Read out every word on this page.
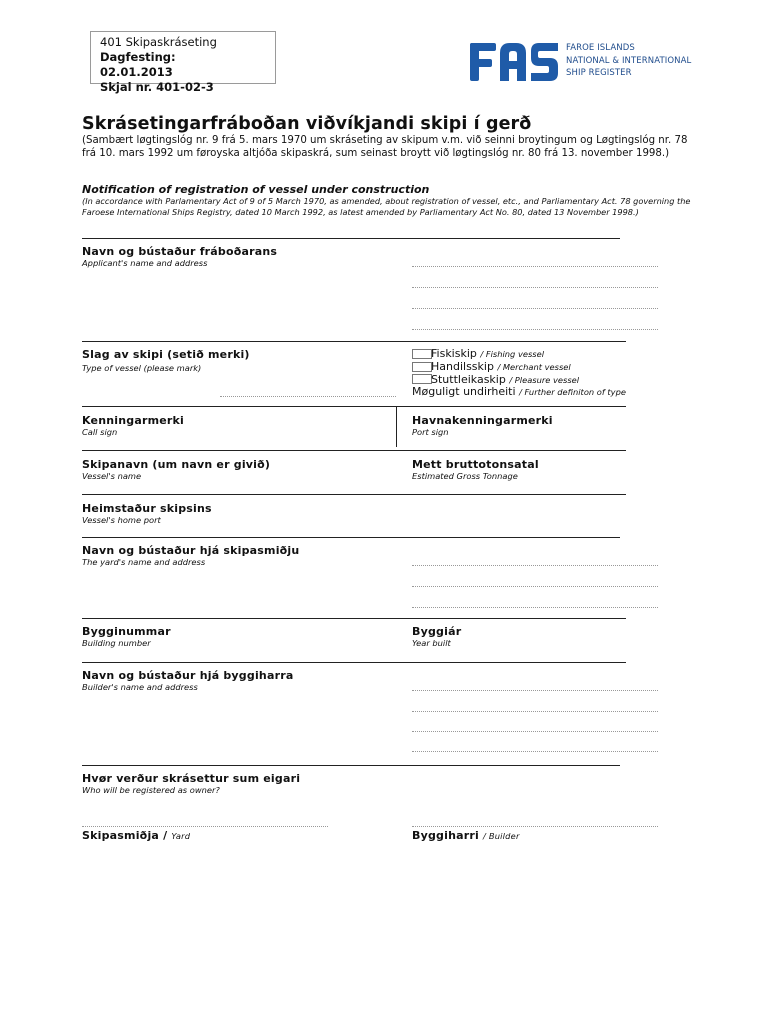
401 Skipaskráseting
Dagfesting:
02.01.2013
Skjal nr. 401-02-3
FAROE ISLANDS
NATIONAL & INTERNATIONAL
SHIP REGISTER
Skrásetingarfráboðan viðvíkjandi skipi í gerð
(Sambært løgtingslóg nr. 9 frá 5. mars 1970 um skráseting av skipum v.m. við seinni broytingum og Løgtingslóg nr. 78 frá 10. mars 1992 um føroyska altjóða skipaskrá, sum seinast broytt við løgtingslóg nr. 80 frá 13. november 1998.)
Notification of registration of vessel under construction
(In accordance with Parlamentary Act of 9 of 5 March 1970, as amended, about registration of vessel, etc., and Parliamentary Act. 78 governing the Faroese International Ships Registry, dated 10 March 1992, as latest amended by Parliamentary Act No. 80, dated 13 November 1998.)
Navn og bústaður fráboðarans
Applicant's name and address
Slag av skipi (setið merki)
Type of vessel (please mark)
Fiskiskip / Fishing vessel
Handilsskip / Merchant vessel
Stuttleikaskip / Pleasure vessel
Møguligt undirheiti / Further definiton of type
Kenningarmerki
Call sign
Havnakenningarmerki
Port sign
Skipanavn (um navn er givið)
Vessel's name
Mett bruttotonsatal
Estimated Gross Tonnage
Heimstaður skipsins
Vessel's home port
Navn og bústaður hjá skipasmiðju
The yard's name and address
Bygginummar
Building number
Byggiár
Year built
Navn og bústaður hjá byggiharra
Builder's name and address
Hvør verður skrásettur sum eigari
Who will be registered as owner?
Skipasmiðja / Yard	Byggiharri / Builder
